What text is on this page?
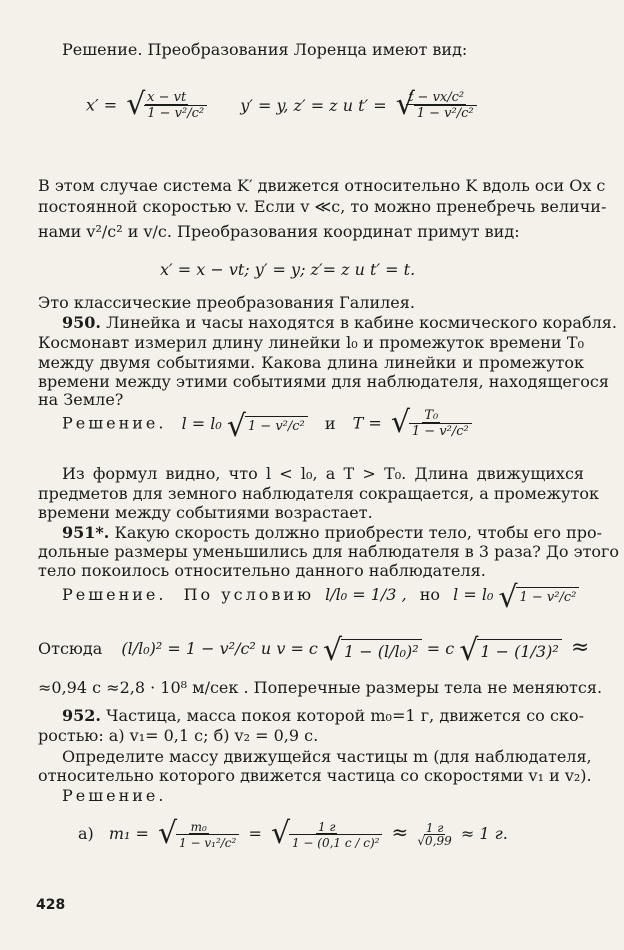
Решение. Преобразования Лоренца имеют вид:
x′ = x − vt
√ 1 − v²/c² y′ = y, z′ = z и t′ = t − vx/c²
√ 1 − v²/c²
В этом случае система K′ движется относительно K вдоль оси Ox с
постоянной скоростью v. Если v ≪c, то можно пренебречь величи-
нами v²/c² и v/c. Преобразования координат примут вид:
x′ = x − vt; y′ = y; z′= z и t′ = t.
Это классические преобразования Галилея.
950. Линейка и часы находятся в кабине космического корабля.
Космонавт измерил длину линейки l₀ и промежуток времени T₀
между двумя событиями. Какова длина линейки и промежуток
времени между этими событиями для наблюдателя, находящегося
на Земле?
Решение. l = l₀ √ 1 − v²/c² и T = T₀
√ 1 − v²/c²
Из формул видно, что l < l₀, а T > T₀. Длина движущихся
предметов для земного наблюдателя сокращается, а промежуток
времени между событиями возрастает.
951*. Какую скорость должно приобрести тело, чтобы его про-
дольные размеры уменьшились для наблюдателя в 3 раза? До этого
тело покоилось относительно данного наблюдателя.
Решение. По условию l/l₀ = 1/3 , но l = l₀ √ 1 − v²/c²
Отсюда (l/l₀)² = 1 − v²/c² и v = c √ 1 − (l/l₀)² = c √ 1 − (1/3)² ≈
≈0,94 c ≈2,8 · 10⁸ м/сек . Поперечные размеры тела не меняются.
952. Частица, масса покоя которой m₀=1 г, движется со ско-
ростью: а) v₁= 0,1 c; б) v₂ = 0,9 c.
Определите массу движущейся частицы m (для наблюдателя,
относительно которого движется частица со скоростями v₁ и v₂).
Решение.
а) m₁ = m₀
√ 1 − v₁²/c² = 1 г
√ 1 − (0,1 $c / c)^2 \approx \frac{1 г}{√0,99} \approx 1$ г.
428
